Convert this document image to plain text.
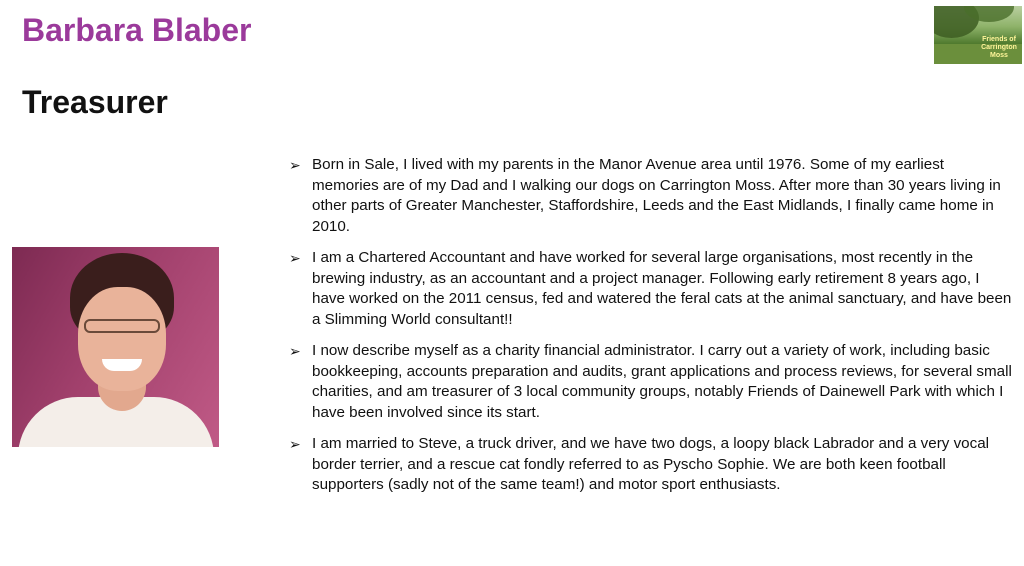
Barbara Blaber
Treasurer
Friends of Carrington Moss
➢ Born in Sale, I lived with my parents in the Manor Avenue area until 1976. Some of my earliest memories are of my Dad and I walking our dogs on Carrington Moss. After more than 30 years living in other parts of Greater Manchester, Staffordshire, Leeds and the East Midlands, I finally came home in 2010.
➢ I am a Chartered Accountant and have worked for several large organisations, most recently in the brewing industry, as an accountant and a project manager. Following early retirement 8 years ago, I have worked on the 2011 census, fed and watered the feral cats at the animal sanctuary, and have been a Slimming World consultant!!
➢ I now describe myself as a charity financial administrator. I carry out a variety of work, including basic bookkeeping, accounts preparation and audits, grant applications and process reviews, for several small charities, and am treasurer of 3 local community groups, notably Friends of Dainewell Park with which I have been involved since its start.
➢ I am married to Steve, a truck driver, and we have two dogs, a loopy black Labrador and a very vocal border terrier, and a rescue cat fondly referred to as Pyscho Sophie. We are both keen football supporters (sadly not of the same team!) and motor sport enthusiasts.
